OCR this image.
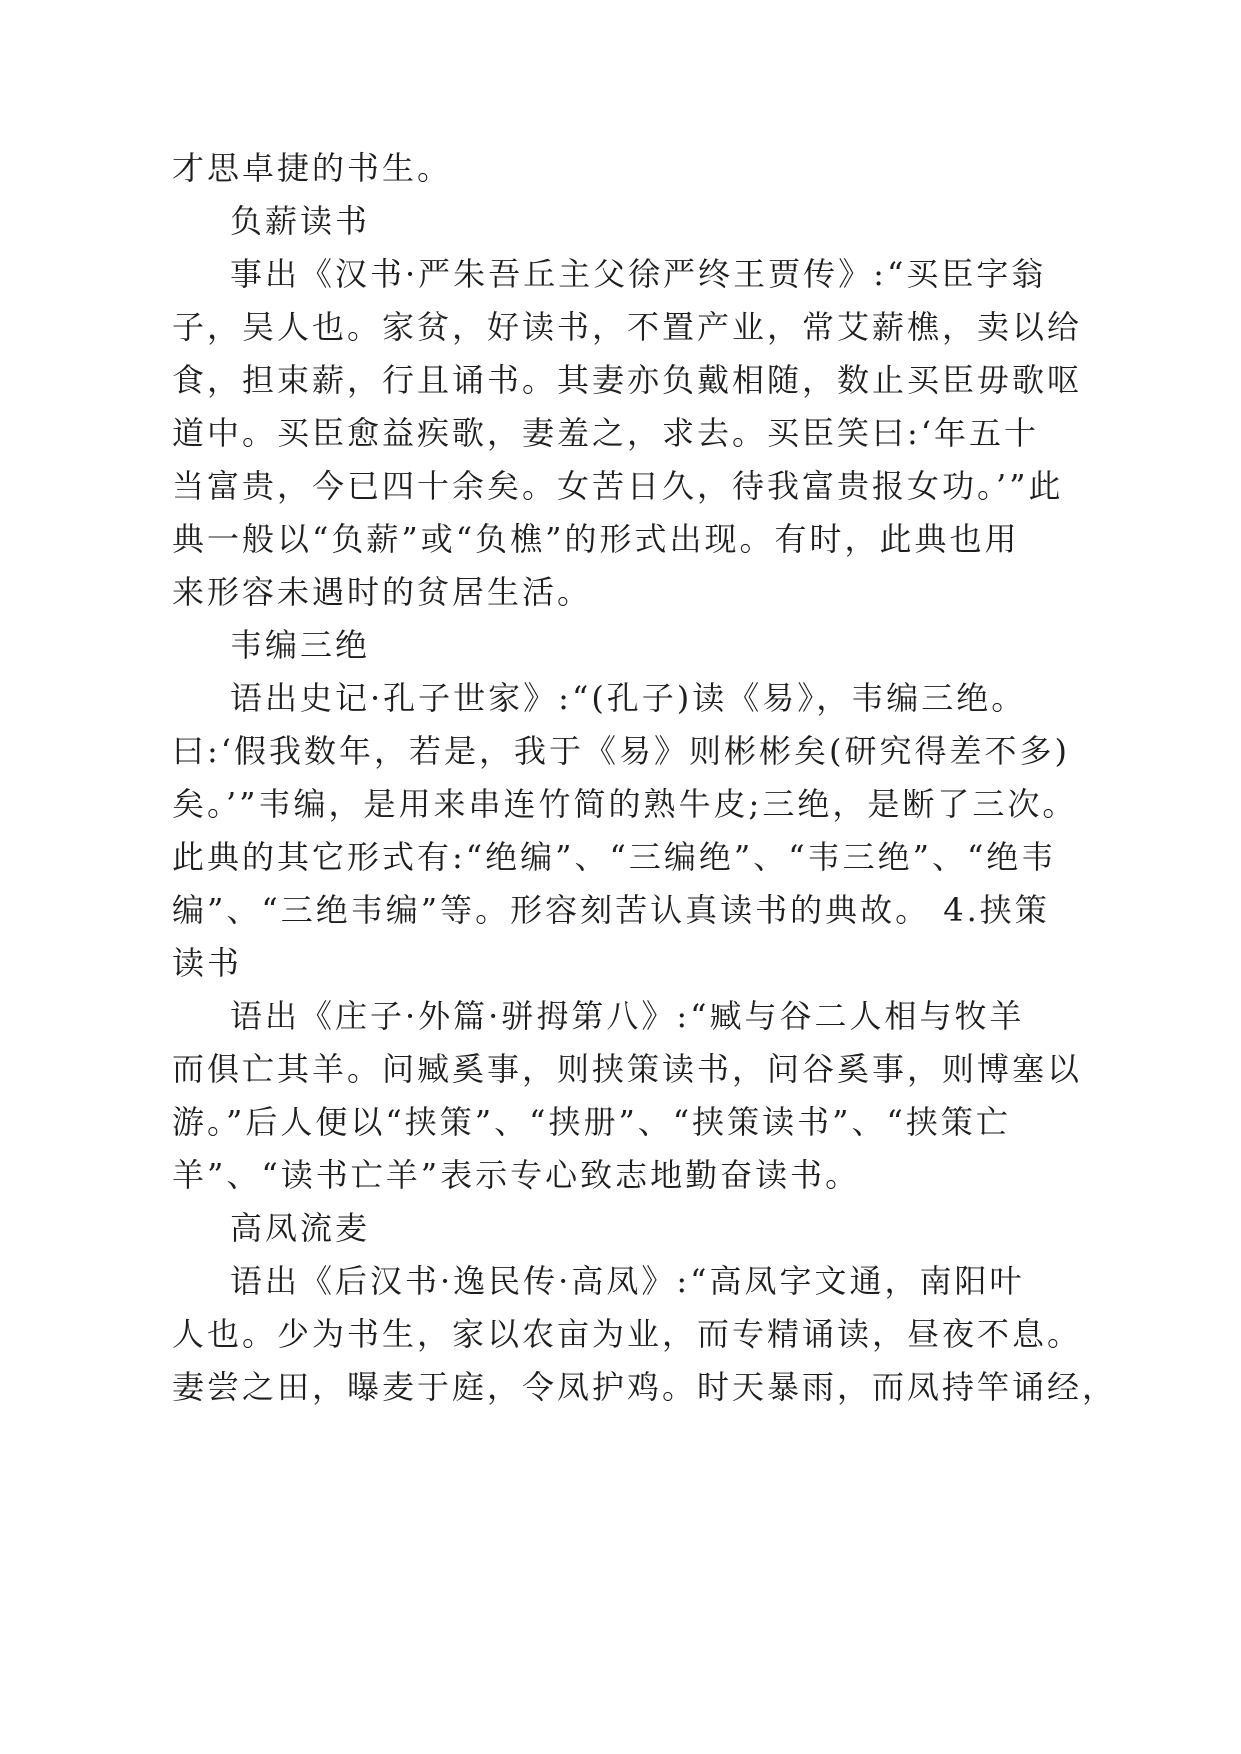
才思卓捷的书生。
负薪读书
事出《汉书·严朱吾丘主父徐严终王贾传》:“买臣字翁
子，吴人也。家贫，好读书，不置产业，常艾薪樵，卖以给
食，担束薪，行且诵书。其妻亦负戴相随，数止买臣毋歌呕
道中。买臣愈益疾歌，妻羞之，求去。买臣笑曰:‘年五十
当富贵，今已四十余矣。女苦日久，待我富贵报女功。’”此
典一般以“负薪”或“负樵”的形式出现。有时，此典也用
来形容未遇时的贫居生活。
韦编三绝
语出史记·孔子世家》:“(孔子)读《易》，韦编三绝。
曰:‘假我数年，若是，我于《易》则彬彬矣(研究得差不多)
矣。’”韦编，是用来串连竹简的熟牛皮;三绝，是断了三次。
此典的其它形式有:“绝编”、“三编绝”、“韦三绝”、“绝韦
编”、“三绝韦编”等。形容刻苦认真读书的典故。 4.挟策
读书
语出《庄子·外篇·骈拇第八》:“臧与谷二人相与牧羊
而俱亡其羊。问臧奚事，则挟策读书，问谷奚事，则博塞以
游。”后人便以“挟策”、“挟册”、“挟策读书”、“挟策亡
羊”、“读书亡羊”表示专心致志地勤奋读书。
高凤流麦
语出《后汉书·逸民传·高凤》:“高凤字文通，南阳叶
人也。少为书生，家以农亩为业，而专精诵读，昼夜不息。
妻尝之田，曝麦于庭，令凤护鸡。时天暴雨，而凤持竿诵经，
